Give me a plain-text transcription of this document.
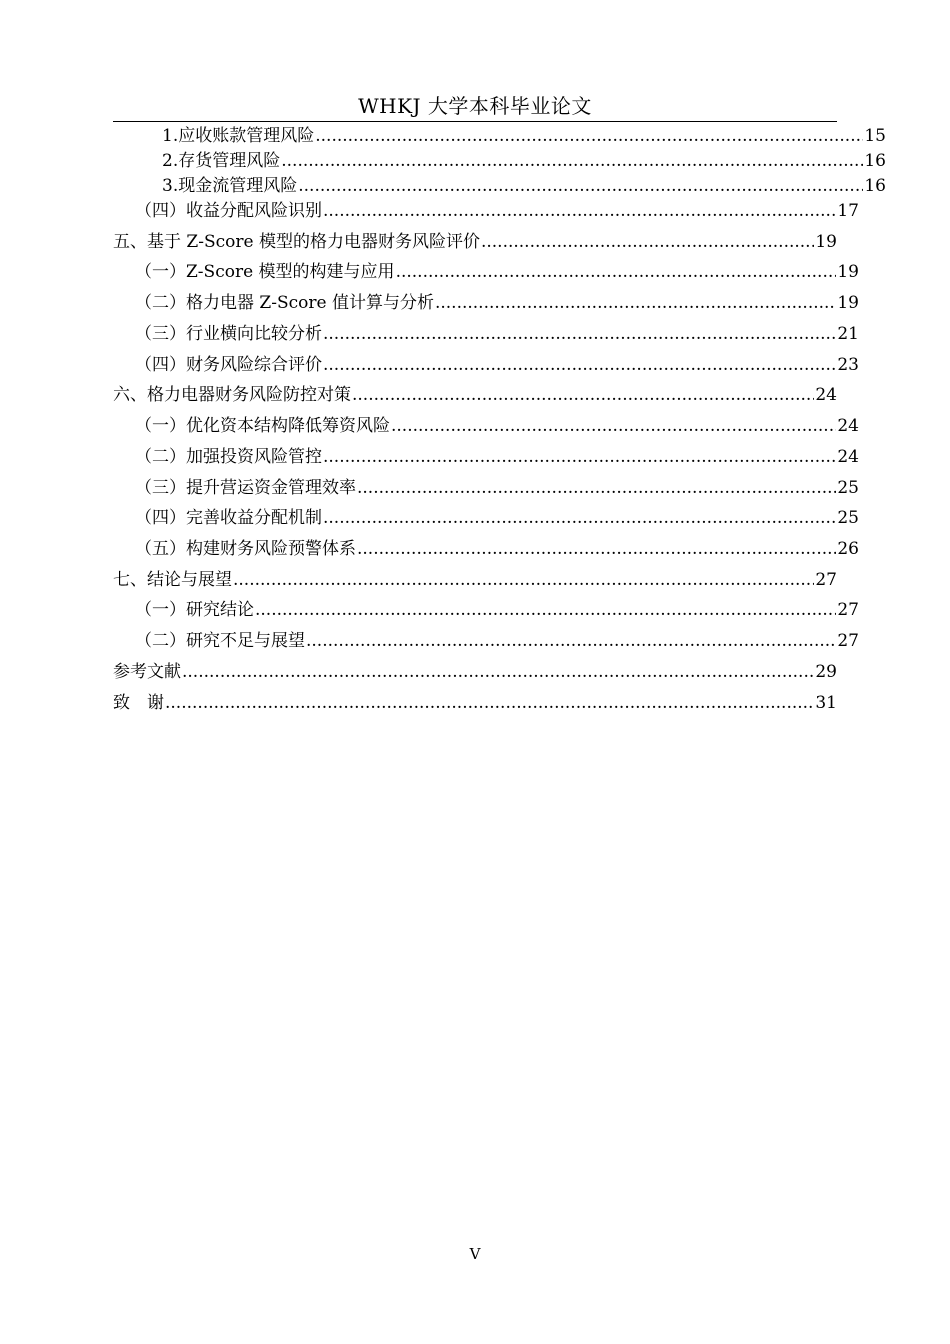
WHKJ 大学本科毕业论文
1.应收账款管理风险 .....	15
2.存货管理风险 .....	16
3.现金流管理风险 .....	16
（四）收益分配风险识别 .....	17
五、基于 Z-Score 模型的格力电器财务风险评价 .....	19
（一）Z-Score 模型的构建与应用 .....	19
（二）格力电器 Z-Score 值计算与分析 .....	19
（三）行业横向比较分析 .....	21
（四）财务风险综合评价 .....	23
六、格力电器财务风险防控对策 .....	24
（一）优化资本结构降低筹资风险 .....	24
（二）加强投资风险管控 .....	24
（三）提升营运资金管理效率 .....	25
（四）完善收益分配机制 .....	25
（五）构建财务风险预警体系 .....	26
七、结论与展望 .....	27
（一）研究结论 .....	27
（二）研究不足与展望 .....	27
参考文献 .....	29
致　谢 .....	31
V
